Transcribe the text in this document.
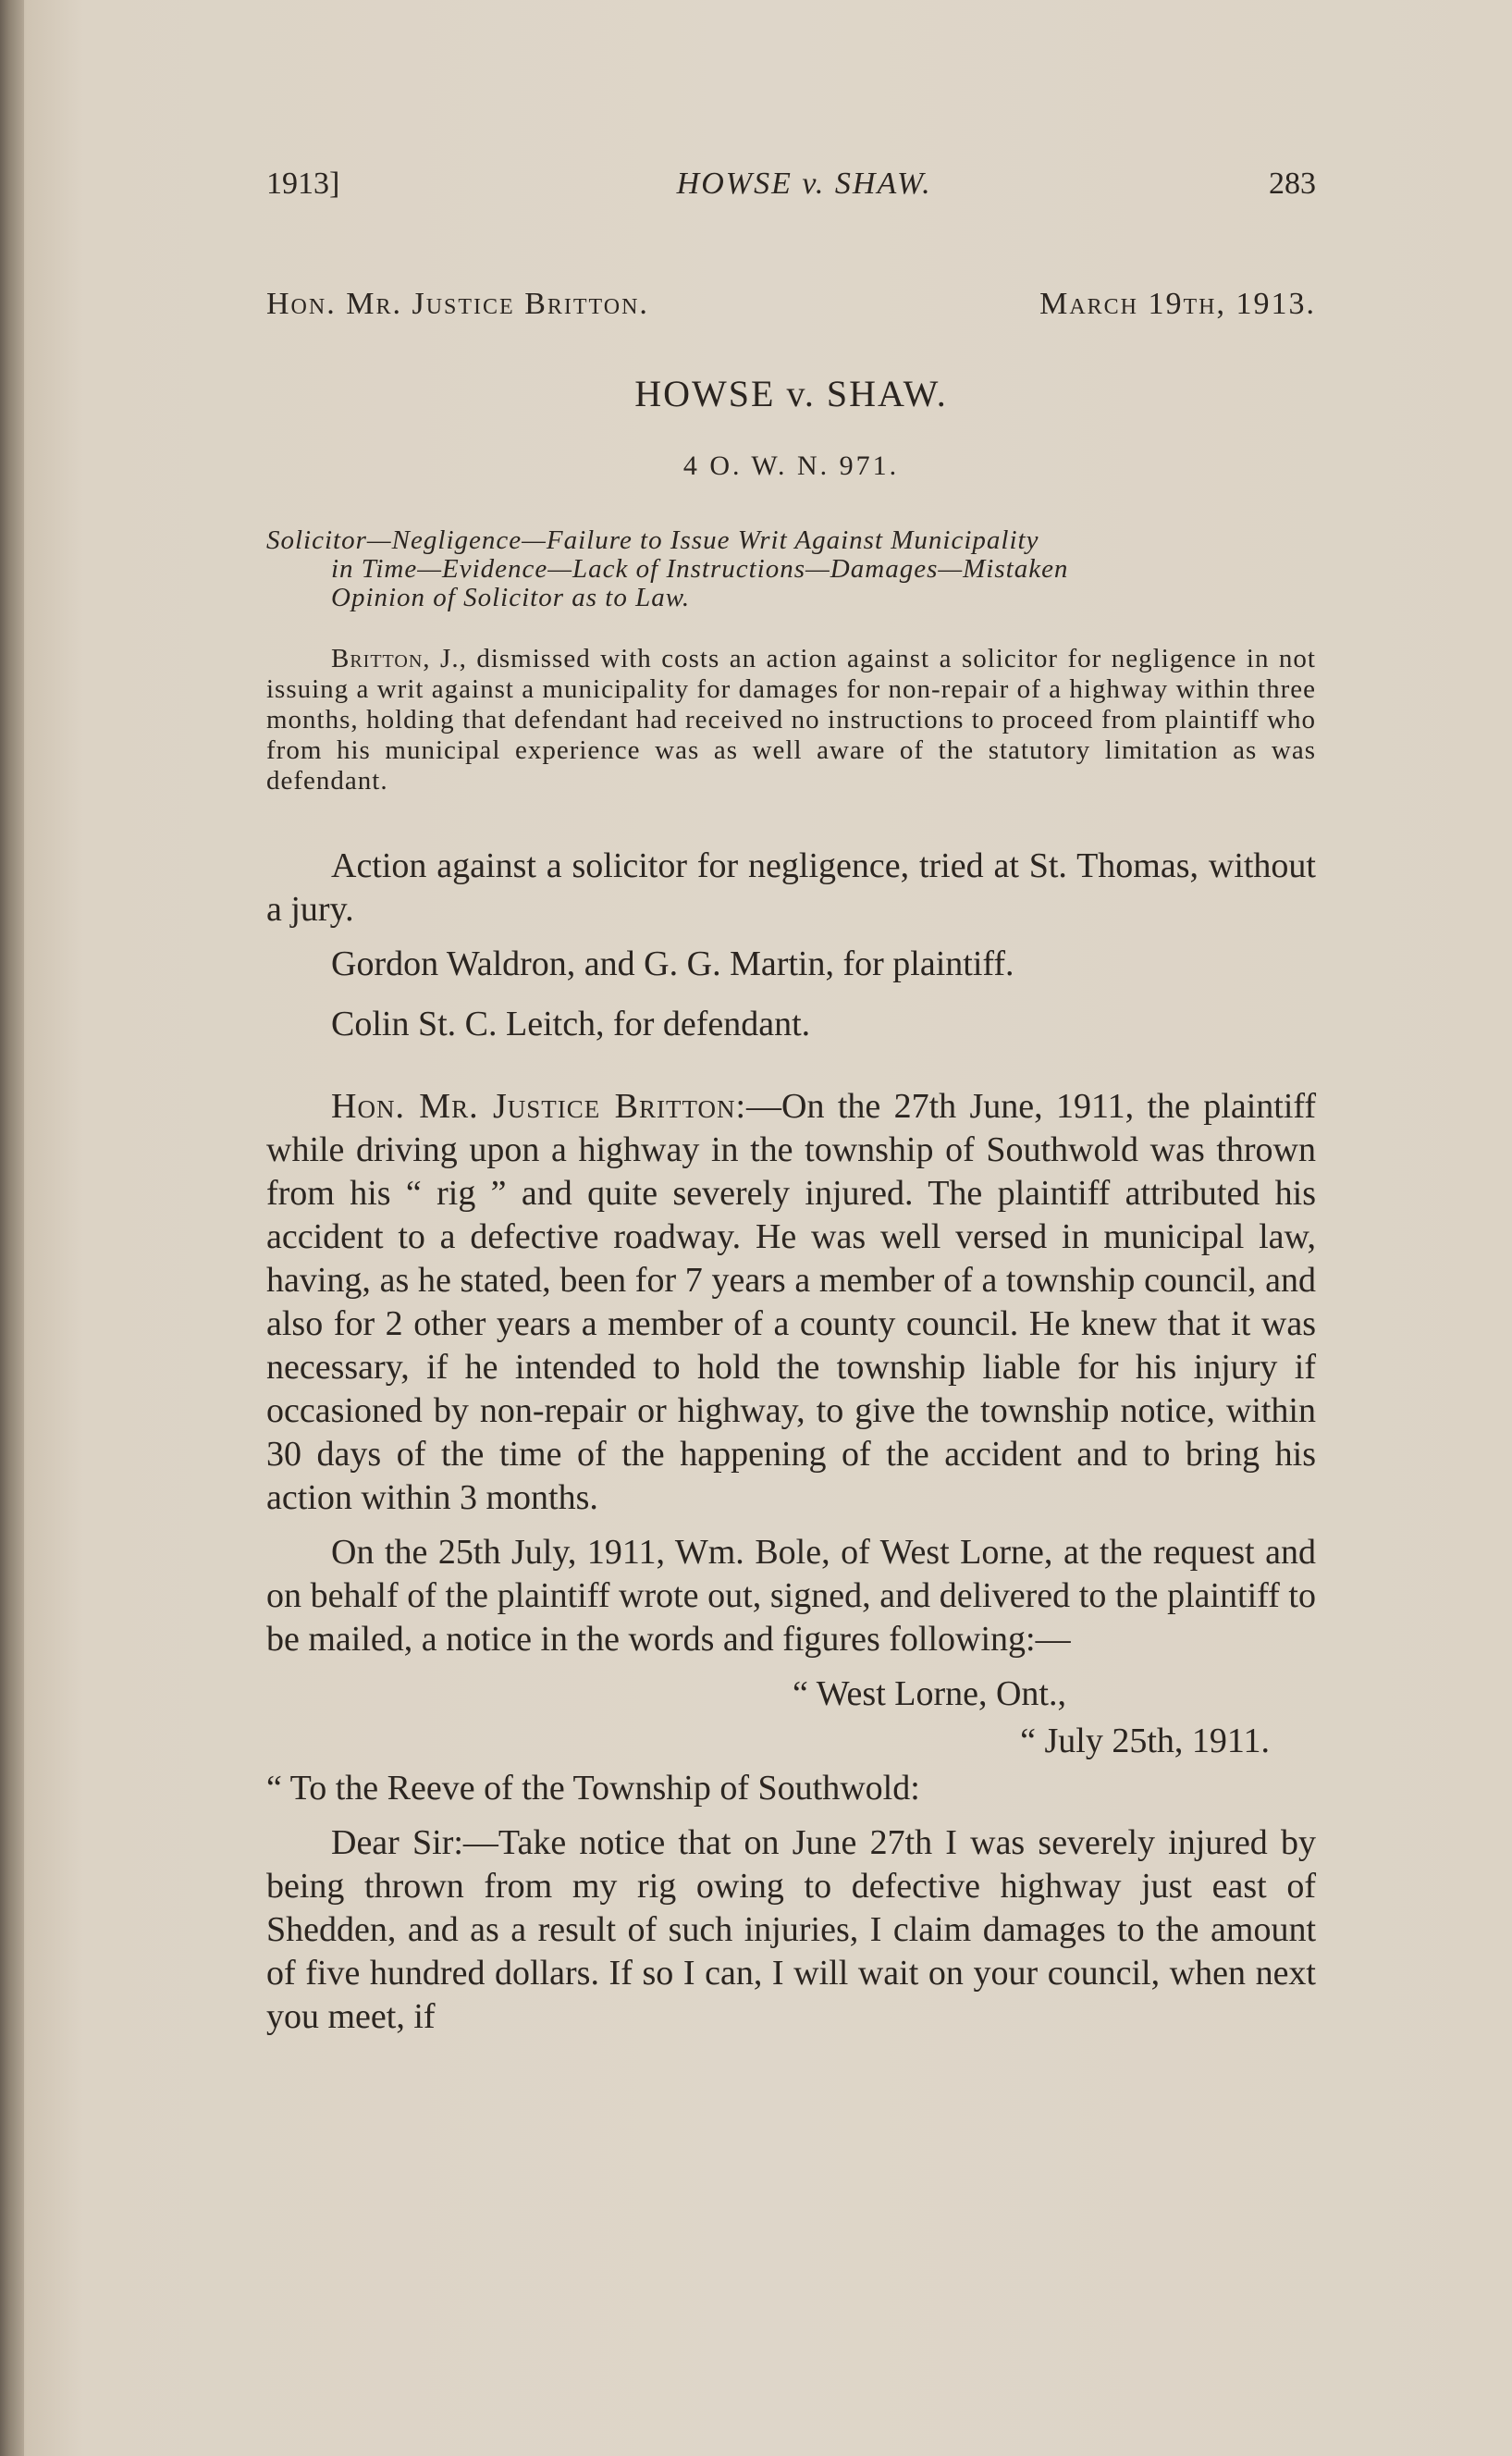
1913]	HOWSE v. SHAW.	283
Hon. Mr. Justice Britton.	March 19th, 1913.
HOWSE v. SHAW.
4 O. W. N. 971.
Solicitor—Negligence—Failure to Issue Writ Against Municipality
in Time—Evidence—Lack of Instructions—Damages—Mistaken
Opinion of Solicitor as to Law.
Britton, J., dismissed with costs an action against a solicitor for negligence in not issuing a writ against a municipality for damages for non-repair of a highway within three months, holding that defendant had received no instructions to proceed from plaintiff who from his municipal experience was as well aware of the statutory limitation as was defendant.

Action against a solicitor for negligence, tried at St. Thomas, without a jury.

Gordon Waldron, and G. G. Martin, for plaintiff.

Colin St. C. Leitch, for defendant.

Hon. Mr. Justice Britton:—On the 27th June, 1911, the plaintiff while driving upon a highway in the township of Southwold was thrown from his “ rig ” and quite severely injured. The plaintiff attributed his accident to a defective roadway. He was well versed in municipal law, having, as he stated, been for 7 years a member of a township council, and also for 2 other years a member of a county council. He knew that it was necessary, if he intended to hold the township liable for his injury if occasioned by non-repair or highway, to give the township notice, within 30 days of the time of the happening of the accident and to bring his action within 3 months.

On the 25th July, 1911, Wm. Bole, of West Lorne, at the request and on behalf of the plaintiff wrote out, signed, and delivered to the plaintiff to be mailed, a notice in the words and figures following:—

“ West Lorne, Ont.,

“ July 25th, 1911.

“ To the Reeve of the Township of Southwold:

Dear Sir:—Take notice that on June 27th I was severely injured by being thrown from my rig owing to defective highway just east of Shedden, and as a result of such injuries, I claim damages to the amount of five hundred dollars. If so I can, I will wait on your council, when next you meet, if
